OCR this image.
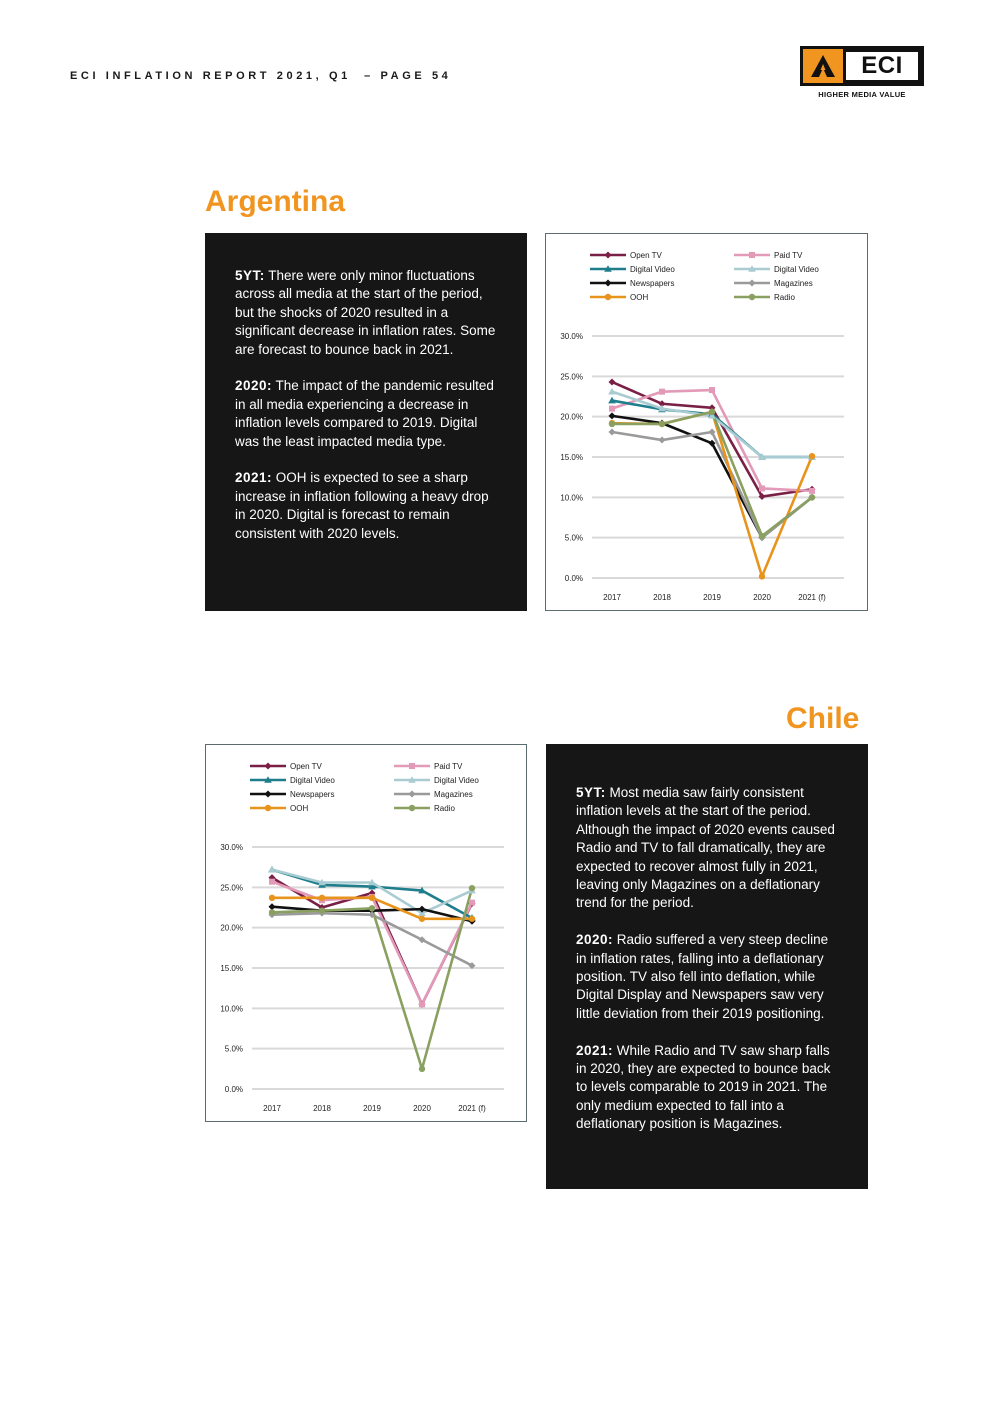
ECI INFLATION REPORT 2021, Q1 – PAGE 54	ECI
HIGHER MEDIA VALUE
Argentina

5YT: There were only minor fluctuations across all media at the start of the period, but the shocks of 2020 resulted in a significant decrease in inflation rates. Some are forecast to bounce back in 2021.

2020: The impact of the pandemic resulted in all media experiencing a decrease in inflation levels compared to 2019. Digital was the least impacted media type.

2021: OOH is expected to see a sharp increase in inflation following a heavy drop in 2020. Digital is forecast to remain consistent with 2020 levels.

0.0%
5.0%
10.0%
15.0%
20.0%
25.0%
30.0%
2017	2018	2019	2020	2021 (f)
Open TV	Paid TV
Digital Video	Digital Video
Newspapers	Magazines
OOH	Radio
Chile
0.0%
5.0%
10.0%
15.0%
20.0%
25.0%
30.0%
2017	2018	2019	2020	2021 (f)
Open TV	Paid TV
Digital Video	Digital Video
Newspapers	Magazines
OOH	Radio

5YT: Most media saw fairly consistent inflation levels at the start of the period. Although the impact of 2020 events caused Radio and TV to fall dramatically, they are expected to recover almost fully in 2021, leaving only Magazines on a deflationary trend for the period.

2020: Radio suffered a very steep decline in inflation rates, falling into a deflationary position. TV also fell into deflation, while Digital Display and Newspapers saw very little deviation from their 2019 positioning.

2021: While Radio and TV saw sharp falls in 2020, they are expected to bounce back to levels comparable to 2019 in 2021. The only medium expected to fall into a deflationary position is Magazines.
